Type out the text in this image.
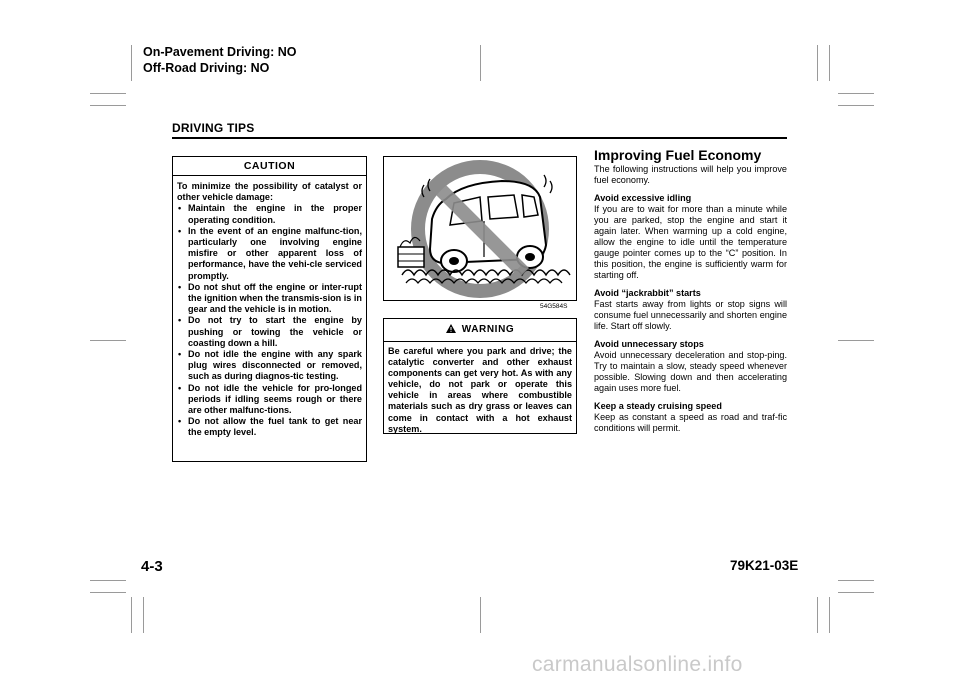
On-Pavement Driving: NO
Off-Road Driving: NO
DRIVING TIPS
CAUTION
To minimize the possibility of catalyst or other vehicle damage:
• Maintain the engine in the proper operating condition.
• In the event of an engine malfunc-tion, particularly one involving engine misfire or other apparent loss of performance, have the vehi-cle serviced promptly.
• Do not shut off the engine or inter-rupt the ignition when the transmis-sion is in gear and the vehicle is in motion.
• Do not try to start the engine by pushing or towing the vehicle or coasting down a hill.
• Do not idle the engine with any spark plug wires disconnected or removed, such as during diagnos-tic testing.
• Do not idle the vehicle for pro-longed periods if idling seems rough or there are other malfunc-tions.
• Do not allow the fuel tank to get near the empty level.
54G584S
WARNING
Be careful where you park and drive; the catalytic converter and other exhaust components can get very hot. As with any vehicle, do not park or operate this vehicle in areas where combustible materials such as dry grass or leaves can come in contact with a hot exhaust system.
Improving Fuel Economy

The following instructions will help you improve fuel economy.

Avoid excessive idling

If you are to wait for more than a minute while you are parked, stop the engine and start it again later. When warming up a cold engine, allow the engine to idle until the temperature gauge pointer comes up to the “C” position. In this position, the engine is sufficiently warm for starting off.

Avoid “jackrabbit” starts

Fast starts away from lights or stop signs will consume fuel unnecessarily and shorten engine life. Start off slowly.

Avoid unnecessary stops

Avoid unnecessary deceleration and stop-ping. Try to maintain a slow, steady speed whenever possible. Slowing down and then accelerating again uses more fuel.

Keep a steady cruising speed

Keep as constant a speed as road and traf-fic conditions will permit.

4-3	79K21-03E
carmanualsonline.info
